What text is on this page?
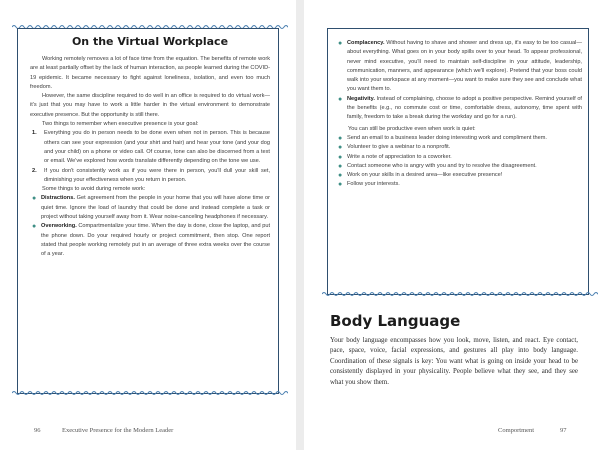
On the Virtual Workplace

Working remotely removes a lot of face time from the equation. The benefits of remote work are at least partially offset by the lack of human interaction, as people learned during the COVID-19 epidemic. It became necessary to fight against loneliness, isolation, and even too much freedom.

However, the same discipline required to do well in an office is required to do virtual work—it's just that you may have to work a little harder in the virtual environment to demonstrate executive presence. But the opportunity is still there.

Two things to remember when executive presence is your goal:

1.	Everything you do in person needs to be done even when not in person. This is because others can see your expression (and your shirt and hair) and hear your tone (and your dog and your child) on a phone or video call. Of course, tone can also be discerned from a text or email. We've explored how words translate differently depending on the tone we use.
2.	If you don't consistently work as if you were there in person, you'll dull your skill set, diminishing your effectiveness when you return in person.

Some things to avoid during remote work:

● Distractions. Get agreement from the people in your home that you will have alone time or quiet time. Ignore the load of laundry that could be done and instead complete a task or project without taking yourself away from it. Wear noise-canceling headphones if necessary.
● Overworking. Compartmentalize your time. When the day is done, close the laptop, and put the phone down. Do your required hourly or project commitment, then stop. One report stated that people working remotely put in an average of three extra weeks over the course of a year.
96	Executive Presence for the Modern Leader
● Complacency. Without having to shave and shower and dress up, it's easy to be too casual—about everything. What goes on in your body spills over to your head. To appear professional, never mind executive, you'll need to maintain self-discipline in your attitude, leadership, communication, manners, and appearance (which we'll explore). Pretend that your boss could walk into your workspace at any moment—you want to make sure they see and conclude what you want them to.
● Negativity. Instead of complaining, choose to adopt a positive perspective. Remind yourself of the benefits (e.g., no commute cost or time, comfortable dress, autonomy, time spent with family, freedom to take a break during the workday and go for a run).

You can still be productive even when work is quiet:

● Send an email to a business leader doing interesting work and compliment them.
● Volunteer to give a webinar to a nonprofit.
● Write a note of appreciation to a coworker.
● Contact someone who is angry with you and try to resolve the disagreement.
● Work on your skills in a desired area—like executive presence!
● Follow your interests.
Body Language
Your body language encompasses how you look, move, listen, and react. Eye contact, pace, space, voice, facial expressions, and gestures all play into body language. Coordination of these signals is key: You want what is going on inside your head to be consistently displayed in your physicality. People believe what they see, and they see what you show them.
Comportment	97
